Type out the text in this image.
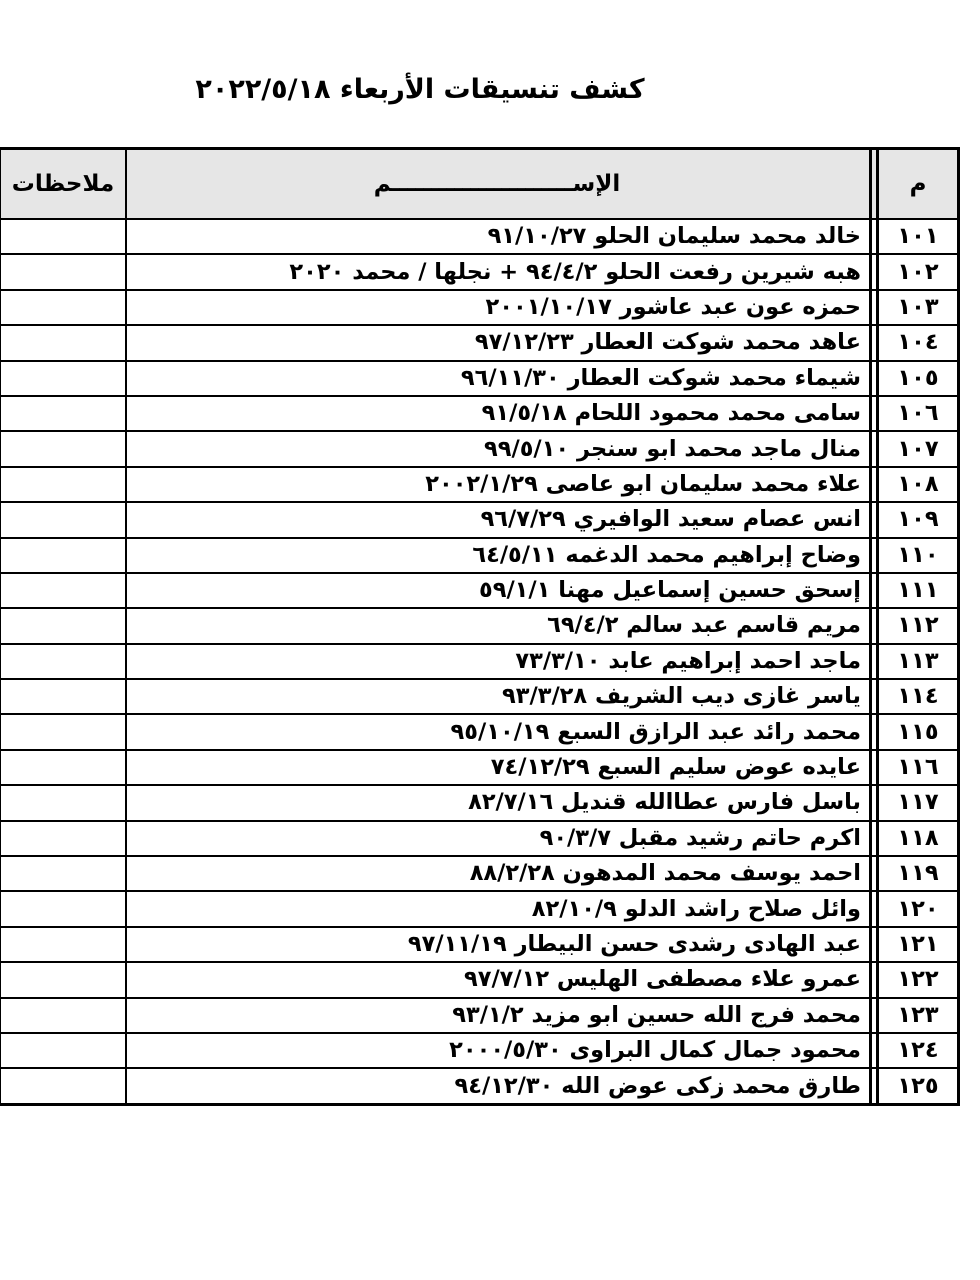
كشف تنسيقات الأربعاء ٢٠٢٢/٥/١٨
م		الإســـــــــــــــــــــــم	ملاحظات
١٠١		خالد محمد سليمان الحلو ٩١/١٠/٢٧	
١٠٢		هبه شيرين رفعت الحلو ٩٤/٤/٢ + نجلها / محمد ٢٠٢٠	
١٠٣		حمزه عون عبد عاشور ٢٠٠١/١٠/١٧	
١٠٤		عاهد محمد شوكت العطار ٩٧/١٢/٢٣	
١٠٥		شيماء محمد شوكت العطار ٩٦/١١/٣٠	
١٠٦		سامى محمد محمود اللحام ٩١/٥/١٨	
١٠٧		منال ماجد محمد ابو سنجر ٩٩/٥/١٠	
١٠٨		علاء محمد سليمان ابو عاصى ٢٠٠٢/١/٢٩	
١٠٩		انس عصام سعيد الوافيري ٩٦/٧/٢٩	
١١٠		وضاح إبراهيم محمد الدغمه ٦٤/٥/١١	
١١١		إسحق حسين إسماعيل مهنا ٥٩/١/١	
١١٢		مريم قاسم عبد سالم ٦٩/٤/٢	
١١٣		ماجد احمد إبراهيم عابد ٧٣/٣/١٠	
١١٤		ياسر غازى ديب الشريف ٩٣/٣/٢٨	
١١٥		محمد رائد عبد الرازق السبع ٩٥/١٠/١٩	
١١٦		عايده عوض سليم السبع ٧٤/١٢/٢٩	
١١٧		باسل فارس عطاالله قنديل ٨٢/٧/١٦	
١١٨		اكرم حاتم رشيد مقبل ٩٠/٣/٧	
١١٩		احمد يوسف محمد المدهون ٨٨/٢/٢٨	
١٢٠		وائل صلاح راشد الدلو ٨٢/١٠/٩	
١٢١		عبد الهادى رشدى حسن البيطار ٩٧/١١/١٩	
١٢٢		عمرو علاء مصطفى الهليس ٩٧/٧/١٢	
١٢٣		محمد فرج الله حسين ابو مزيد ٩٣/١/٢	
١٢٤		محمود جمال كمال البراوى ٢٠٠٠/٥/٣٠	
١٢٥		طارق محمد زكى عوض الله ٩٤/١٢/٣٠	
